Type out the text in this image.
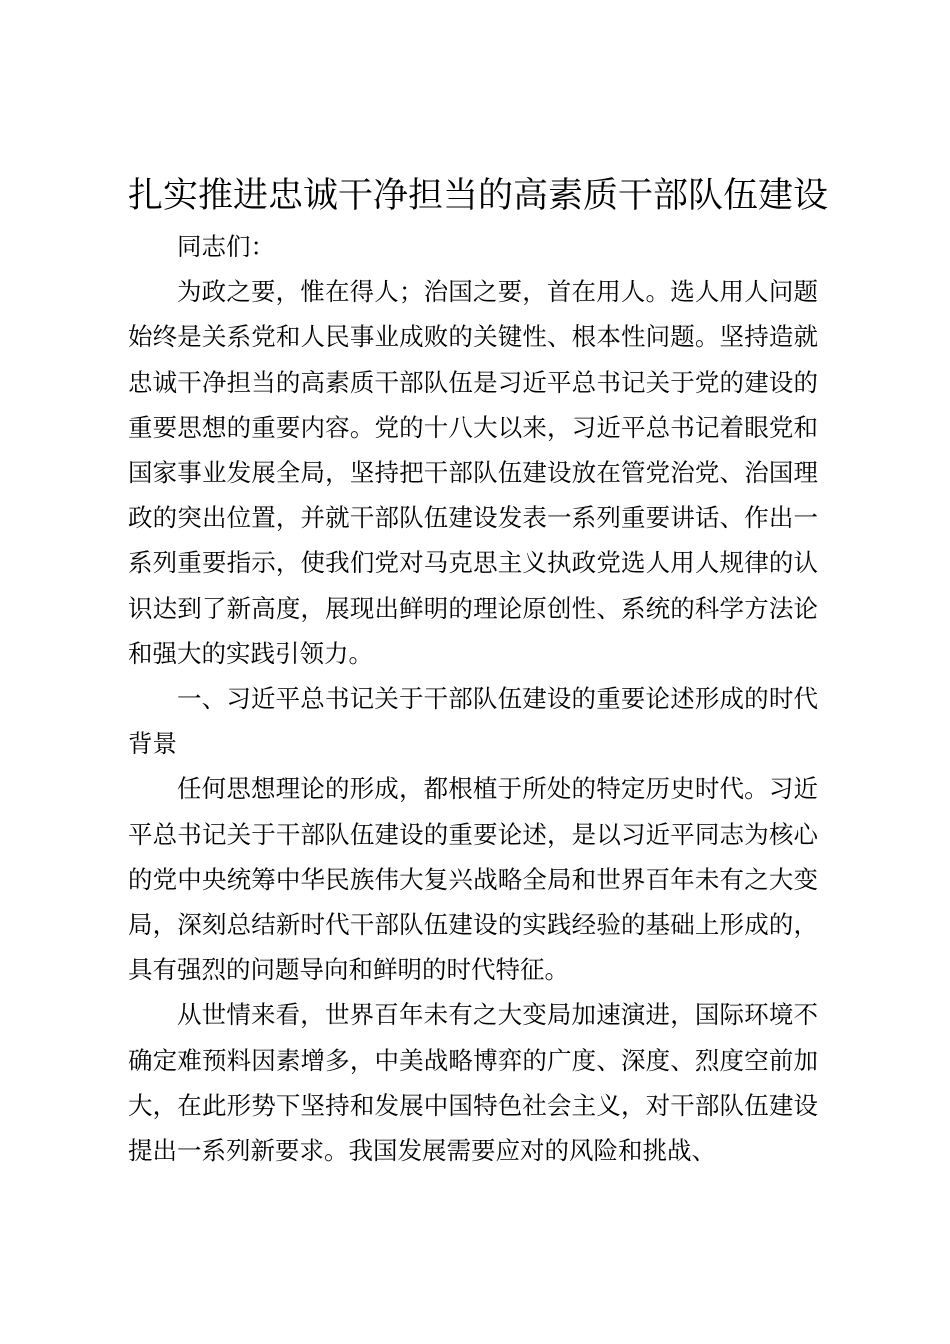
扎实推进忠诚干净担当的高素质干部队伍建设

同志们：

为政之要，惟在得人；治国之要，首在用人。选人用人问题始终是关系党和人民事业成败的关键性、根本性问题。坚持造就忠诚干净担当的高素质干部队伍是习近平总书记关于党的建设的重要思想的重要内容。党的十八大以来，习近平总书记着眼党和国家事业发展全局，坚持把干部队伍建设放在管党治党、治国理政的突出位置，并就干部队伍建设发表一系列重要讲话、作出一系列重要指示，使我们党对马克思主义执政党选人用人规律的认识达到了新高度，展现出鲜明的理论原创性、系统的科学方法论和强大的实践引领力。

一、习近平总书记关于干部队伍建设的重要论述形成的时代背景

任何思想理论的形成，都根植于所处的特定历史时代。习近平总书记关于干部队伍建设的重要论述，是以习近平同志为核心的党中央统筹中华民族伟大复兴战略全局和世界百年未有之大变局，深刻总结新时代干部队伍建设的实践经验的基础上形成的，具有强烈的问题导向和鲜明的时代特征。

从世情来看，世界百年未有之大变局加速演进，国际环境不确定难预料因素增多，中美战略博弈的广度、深度、烈度空前加大，在此形势下坚持和发展中国特色社会主义，对干部队伍建设提出一系列新要求。我国发展需要应对的风险和挑战、
